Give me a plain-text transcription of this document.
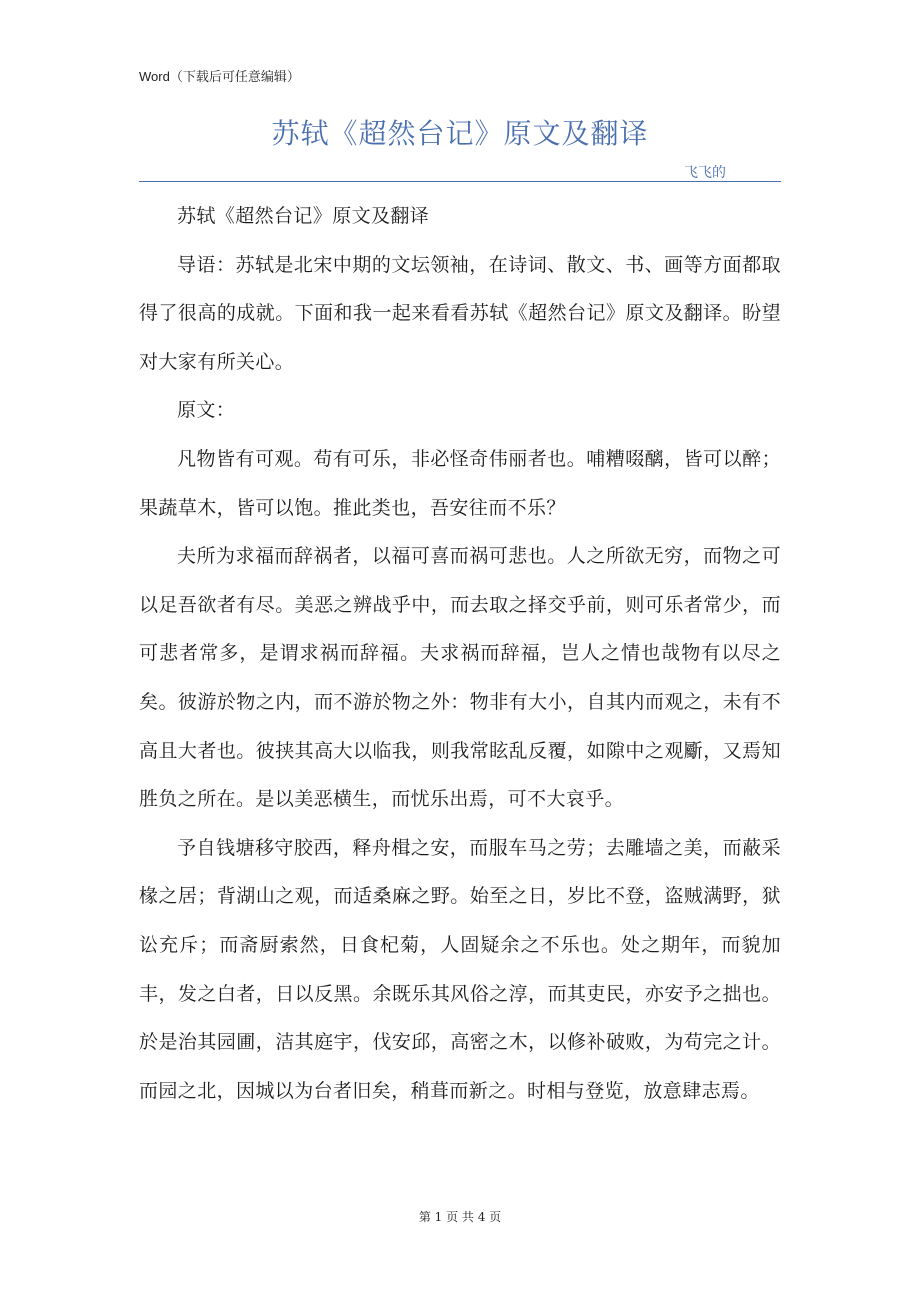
Word（下载后可任意编辑）
苏轼《超然台记》原文及翻译
飞飞的

苏轼《超然台记》原文及翻译

导语：苏轼是北宋中期的文坛领袖，在诗词、散文、书、画等方面都取得了很高的成就。下面和我一起来看看苏轼《超然台记》原文及翻译。盼望对大家有所关心。

原文：

凡物皆有可观。苟有可乐，非必怪奇伟丽者也。哺糟啜醨，皆可以醉；果蔬草木，皆可以饱。推此类也，吾安往而不乐？

夫所为求福而辞祸者，以福可喜而祸可悲也。人之所欲无穷，而物之可以足吾欲者有尽。美恶之辨战乎中，而去取之择交乎前，则可乐者常少，而可悲者常多，是谓求祸而辞福。夫求祸而辞福，岂人之情也哉物有以尽之矣。彼游於物之内，而不游於物之外：物非有大小，自其内而观之，未有不高且大者也。彼挟其高大以临我，则我常眩乱反覆，如隙中之观斸，又焉知胜负之所在。是以美恶横生，而忧乐出焉，可不大哀乎。

予自钱塘移守胶西，释舟楫之安，而服车马之劳；去雕墙之美，而蔽采椽之居；背湖山之观，而适桑麻之野。始至之日，岁比不登，盗贼满野，狱讼充斥；而斋厨索然，日食杞菊，人固疑余之不乐也。处之期年，而貌加丰，发之白者，日以反黑。余既乐其风俗之淳，而其吏民，亦安予之拙也。於是治其园圃，洁其庭宇，伐安邱，高密之木，以修补破败，为苟完之计。而园之北，因城以为台者旧矣，稍葺而新之。时相与登览，放意肆志焉。

第 1 页 共 4 页
